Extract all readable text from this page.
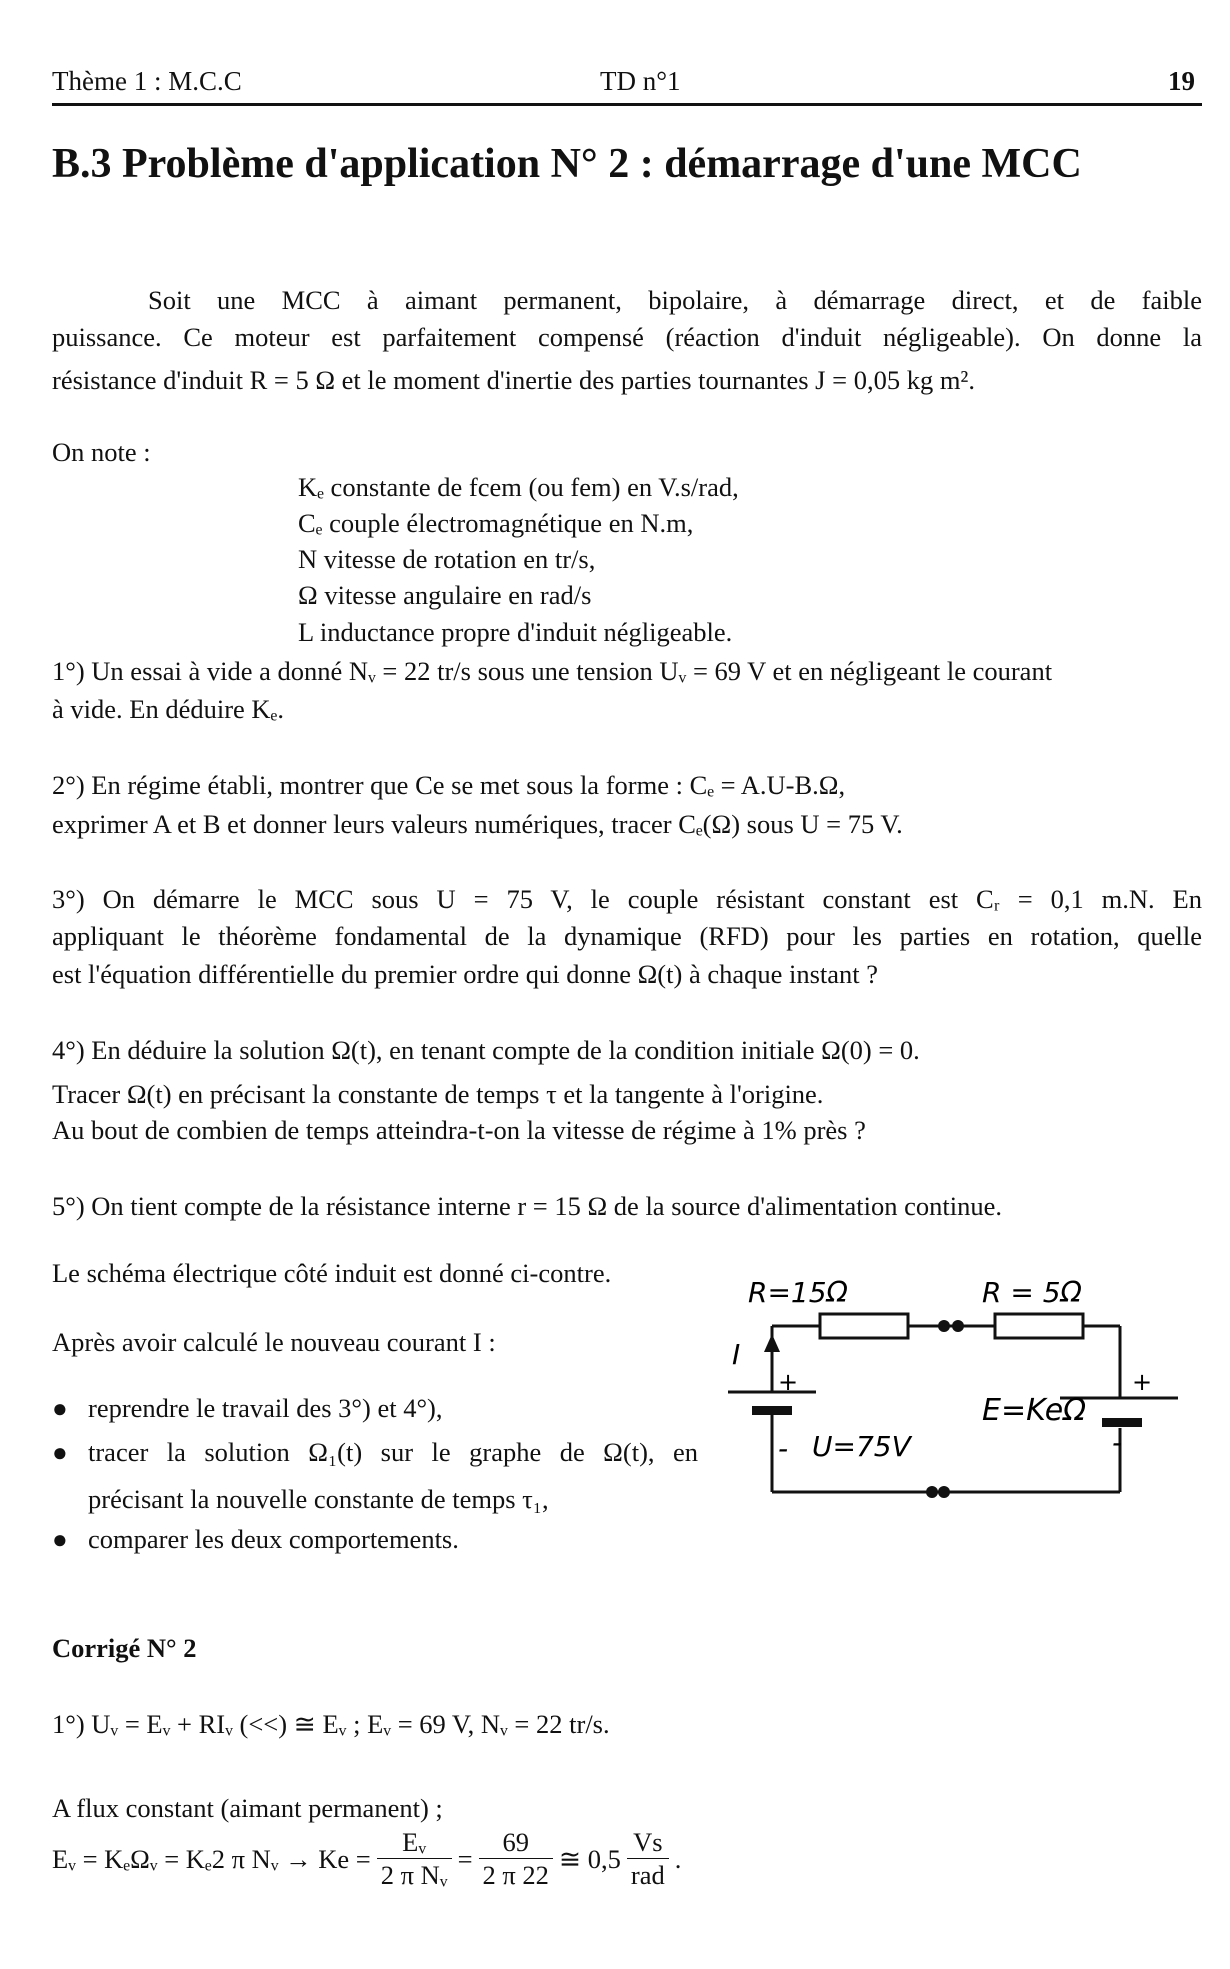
Thème 1 : M.C.C	TD n°1	19
B.3 Problème d'application N° 2 : démarrage d'une MCC
Soit une MCC à aimant permanent, bipolaire, à démarrage direct, et de faible
puissance. Ce moteur est parfaitement compensé (réaction d'induit négligeable). On donne la
résistance d'induit R = 5 Ω et le moment d'inertie des parties tournantes J = 0,05 kg m².
On note :
Kₑ constante de fcem (ou fem) en V.s/rad,
Cₑ couple électromagnétique en N.m,
N vitesse de rotation en tr/s,
Ω vitesse angulaire en rad/s
L inductance propre d'induit négligeable.
1°) Un essai à vide a donné Nᵥ = 22 tr/s sous une tension Uᵥ = 69 V et en négligeant le courant
à vide. En déduire Kₑ.
2°) En régime établi, montrer que Ce se met sous la forme : Cₑ = A.U-B.Ω,
exprimer A et B et donner leurs valeurs numériques, tracer Cₑ(Ω) sous U = 75 V.
3°) On démarre le MCC sous U = 75 V, le couple résistant constant est Cᵣ = 0,1 m.N. En
appliquant le théorème fondamental de la dynamique (RFD) pour les parties en rotation, quelle
est l'équation différentielle du premier ordre qui donne Ω(t) à chaque instant ?
4°) En déduire la solution Ω(t), en tenant compte de la condition initiale Ω(0) = 0.
Tracer Ω(t) en précisant la constante de temps τ et la tangente à l'origine.
Au bout de combien de temps atteindra-t-on la vitesse de régime à 1% près ?
5°) On tient compte de la résistance interne r = 15 Ω de la source d'alimentation continue.
Le schéma électrique côté induit est donné ci-contre.
Après avoir calculé le nouveau courant I :
● reprendre le travail des 3°) et 4°),
● tracer la solution Ω₁(t) sur le graphe de Ω(t), en
précisant la nouvelle constante de temps τ₁,
● comparer les deux comportements.
R=15Ω	R = 5Ω
I
+
- U=75V
+
-
E=KeΩ
Corrigé N° 2
1°) Uᵥ = Eᵥ + RIᵥ (<<) ≅ Eᵥ ; Eᵥ = 69 V, Nᵥ = 22 tr/s.
A flux constant (aimant permanent) ;
Eᵥ = KₑΩᵥ = Kₑ2 π Nᵥ → $Ke = \frac{\text{Eᵥ}}{\text{2 π Nᵥ}} = \frac{69}{2 \pi 22}$ ≅ $0,5 \frac{Vs}{\text{rad}}$ .
